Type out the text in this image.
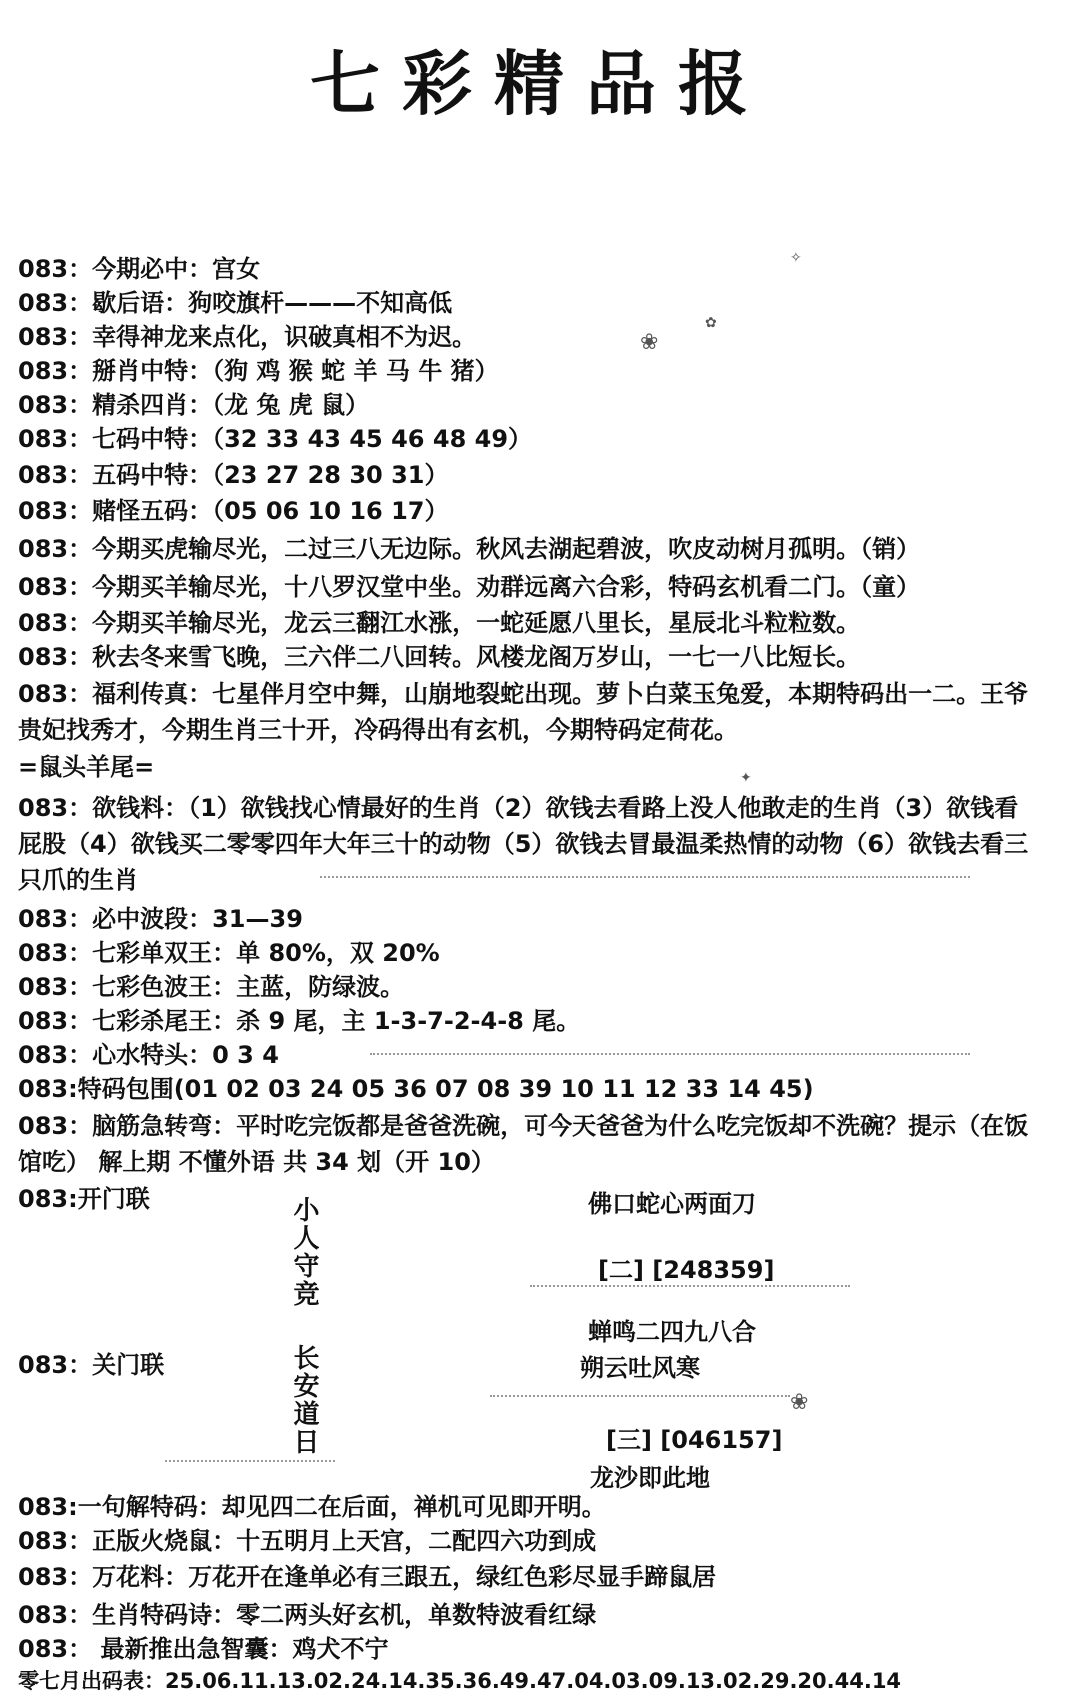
七彩精品报
✧
❀
✿
✦
❀
083：今期必中：宫女
083：歇后语：狗咬旗杆———不知高低
083：幸得神龙来点化，识破真相不为迟。
083：掰肖中特：（狗 鸡 猴 蛇 羊 马 牛 猪）
083：精杀四肖：（龙 兔 虎 鼠）
083：七码中特：（32 33 43 45 46 48 49）
083：五码中特：（23 27 28 30 31）
083：赌怪五码：（05 06 10 16 17）
083：今期买虎输尽光，二过三八无边际。秋风去湖起碧波，吹皮动树月孤明。（销）
083：今期买羊输尽光，十八罗汉堂中坐。劝群远离六合彩，特码玄机看二门。（童）
083：今期买羊输尽光，龙云三翻江水涨，一蛇延愿八里长，星辰北斗粒粒数。
083：秋去冬来雪飞晚，三六伴二八回转。风楼龙阁万岁山，一七一八比短长。
083：福利传真：七星伴月空中舞，山崩地裂蛇出现。萝卜白菜玉兔爱，本期特码出一二。王爷贵妃找秀才，今期生肖三十开，冷码得出有玄机，今期特码定荷花。
=鼠头羊尾=
083：欲钱料：（1）欲钱找心情最好的生肖（2）欲钱去看路上没人他敢走的生肖（3）欲钱看屁股（4）欲钱买二零零四年大年三十的动物（5）欲钱去冒最温柔热情的动物（6）欲钱去看三只爪的生肖
083：必中波段：31—39
083：七彩单双王：单 80%，双 20%
083：七彩色波王：主蓝，防绿波。
083：七彩杀尾王：杀 9 尾，主 1-3-7-2-4-8 尾。
083：心水特头：0 3 4
083:特码包围(01 02 03 24 05 36 07 08 39 10 11 12 33 14 45)
083：脑筋急转弯：平时吃完饭都是爸爸洗碗，可今天爸爸为什么吃完饭却不洗碗？提示（在饭馆吃） 解上期 不懂外语 共 34 划（开 10）
083:开门联	小人守竞	佛口蛇心两面刀
[二] [248359]
蝉鸣二四九八合
朔云吐风寒
083：关门联	长安道日	[三] [046157]
龙沙即此地
083:一句解特码：却见四二在后面，禅机可见即开明。
083：正版火烧鼠：十五明月上天宫，二配四六功到成
083：万花料：万花开在逢单必有三跟五，绿红色彩尽显手蹄鼠居
083：生肖特码诗：零二两头好玄机，单数特波看红绿
083： 最新推出急智囊：鸡犬不宁
零七月出码表：25.06.11.13.02.24.14.35.36.49.47.04.03.09.13.02.29.20.44.14
